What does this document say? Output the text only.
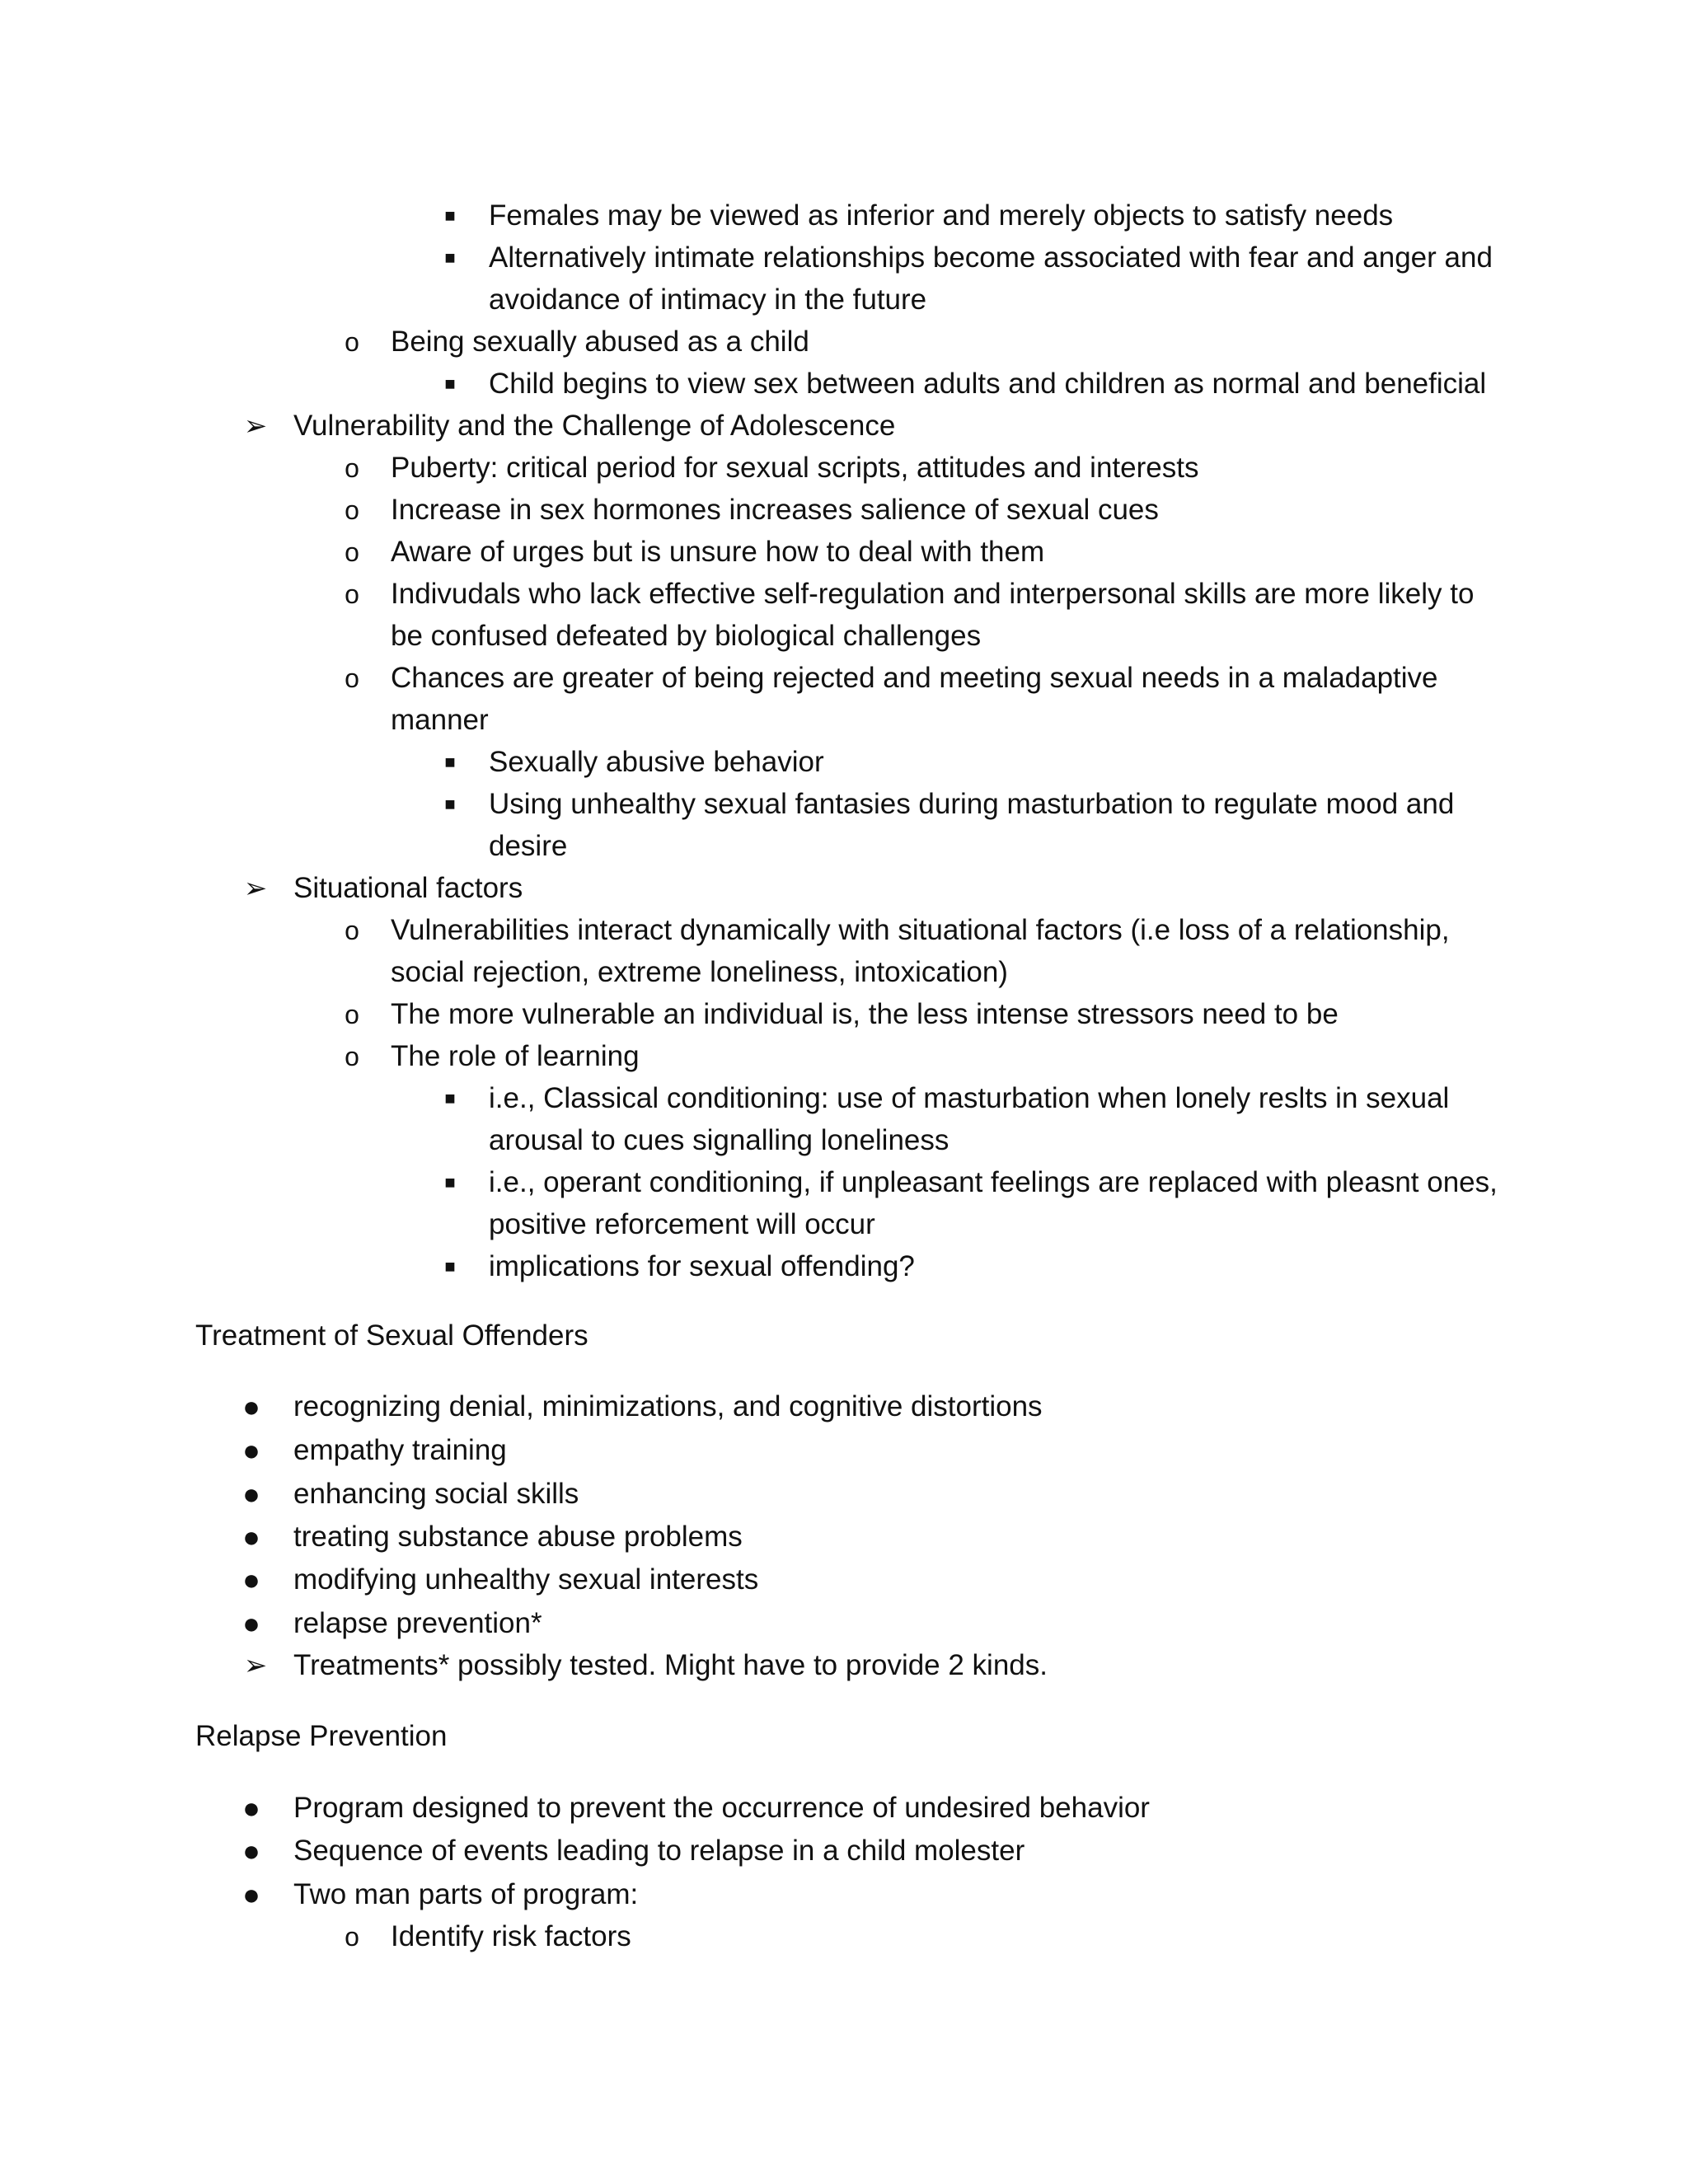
■	Females may be viewed as inferior and merely objects to satisfy needs
■	Alternatively intimate relationships become associated with fear and anger and
avoidance of intimacy in the future
o	Being sexually abused as a child
■	Child begins to view sex between adults and children as normal and beneficial
➢ Vulnerability and the Challenge of Adolescence
o	Puberty: critical period for sexual scripts, attitudes and interests
o	Increase in sex hormones increases salience of sexual cues
o	Aware of urges but is unsure how to deal with them
o	Indivudals who lack effective self-regulation and interpersonal skills are more likely to
be confused defeated by biological challenges
o	Chances are greater of being rejected and meeting sexual needs in a maladaptive
manner
■	Sexually abusive behavior
■	Using unhealthy sexual fantasies during masturbation to regulate mood and
desire
➢ Situational factors
o	Vulnerabilities interact dynamically with situational factors (i.e loss of a relationship,
social rejection, extreme loneliness, intoxication)
o	The more vulnerable an individual is, the less intense stressors need to be
o	The role of learning
■	i.e., Classical conditioning: use of masturbation when lonely reslts in sexual
arousal to cues signalling loneliness
■	i.e., operant conditioning, if unpleasant feelings are replaced with pleasnt ones,
positive reforcement will occur
■	implications for sexual offending?
Treatment of Sexual Offenders
● recognizing denial, minimizations, and cognitive distortions
● empathy training
● enhancing social skills
● treating substance abuse problems
● modifying unhealthy sexual interests
● relapse prevention*
➢ Treatments* possibly tested. Might have to provide 2 kinds.
Relapse Prevention
● Program designed to prevent the occurrence of undesired behavior
● Sequence of events leading to relapse in a child molester
● Two man parts of program:
o	Identify risk factors
